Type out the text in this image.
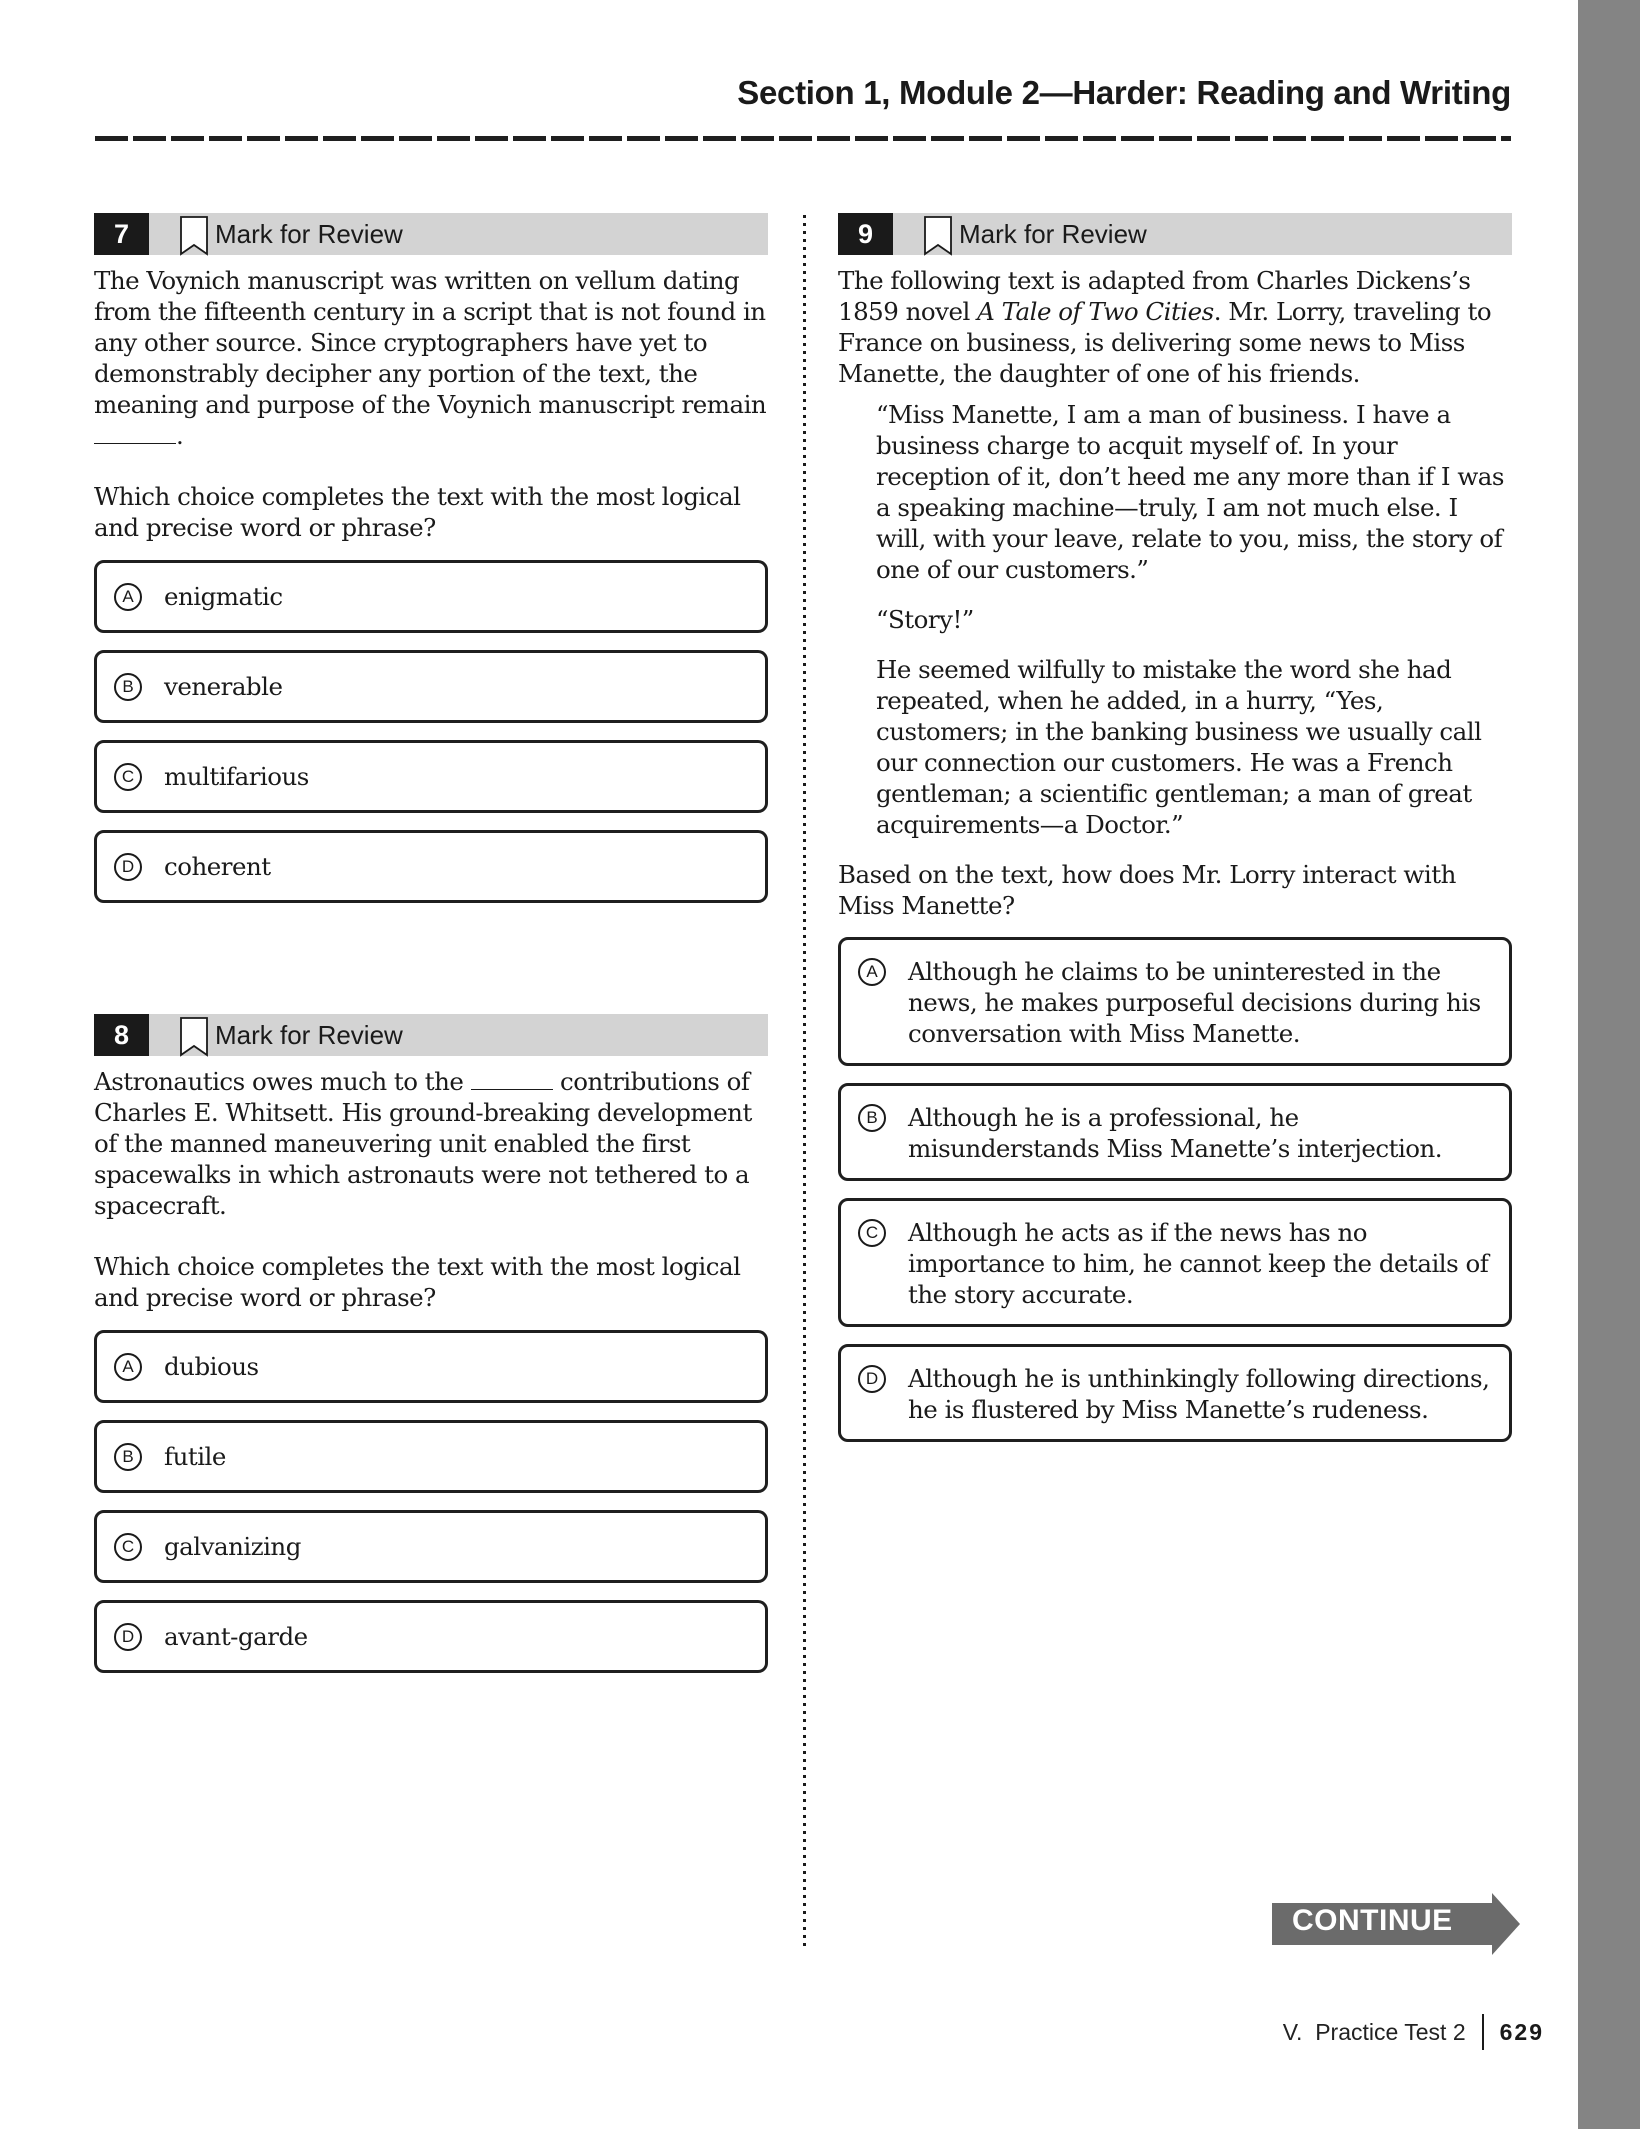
Section 1, Module 2—Harder: Reading and Writing
7	Mark for Review

The Voynich manuscript was written on vellum dating from the fifteenth century in a script that is not found in any other source. Since cryptographers have yet to demonstrably decipher any portion of the text, the meaning and purpose of the Voynich manuscript remain .

Which choice completes the text with the most logical and precise word or phrase?

A	enigmatic
B	venerable
C	multifarious
D	coherent
8	Mark for Review

Astronautics owes much to the	contributions of Charles E. Whitsett. His ground-breaking development of the manned maneuvering unit enabled the first spacewalks in which astronauts were not tethered to a spacecraft.

Which choice completes the text with the most logical and precise word or phrase?

A	dubious
B	futile
C	galvanizing
D	avant-garde
9	Mark for Review

The following text is adapted from Charles Dickens’s 1859 novel A Tale of Two Cities. Mr. Lorry, traveling to France on business, is delivering some news to Miss Manette, the daughter of one of his friends.

“Miss Manette, I am a man of business. I have a business charge to acquit myself of. In your reception of it, don’t heed me any more than if I was a speaking machine—truly, I am not much else. I will, with your leave, relate to you, miss, the story of one of our customers.”

“Story!”

He seemed wilfully to mistake the word she had repeated, when he added, in a hurry, “Yes, customers; in the banking business we usually call our connection our customers. He was a French gentleman; a scientific gentleman; a man of great acquirements—a Doctor.”

Based on the text, how does Mr. Lorry interact with Miss Manette?

A	Although he claims to be uninterested in the news, he makes purposeful decisions during his conversation with Miss Manette.
B	Although he is a professional, he misunderstands Miss Manette’s interjection.
C	Although he acts as if the news has no importance to him, he cannot keep the details of the story accurate.
D	Although he is unthinkingly following directions, he is flustered by Miss Manette’s rudeness.
CONTINUE
V.  Practice Test 2 629
